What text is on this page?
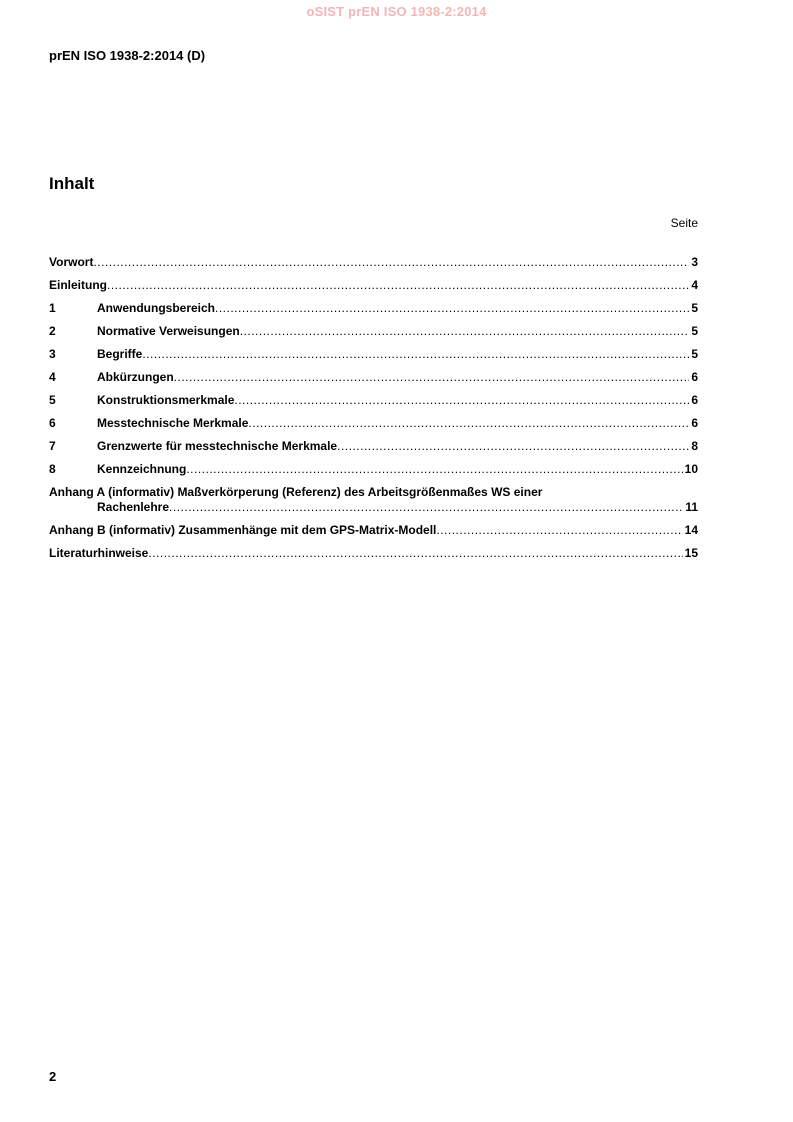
oSIST prEN ISO 1938-2:2014
prEN ISO 1938-2:2014 (D)
Inhalt
Seite
Vorwort .....	3
Einleitung .....	4
1	Anwendungsbereich .....	5
2	Normative Verweisungen .....	5
3	Begriffe .....	5
4	Abkürzungen .....	6
5	Konstruktionsmerkmale .....	6
6	Messtechnische Merkmale .....	6
7	Grenzwerte für messtechnische Merkmale .....	8
8	Kennzeichnung .....	10
Anhang A (informativ) Maßverkörperung (Referenz) des Arbeitsgrößenmaßes WS einer
Rachenlehre .....	11
Anhang B (informativ) Zusammenhänge mit dem GPS-Matrix-Modell .....	14
Literaturhinweise .....	15
2
